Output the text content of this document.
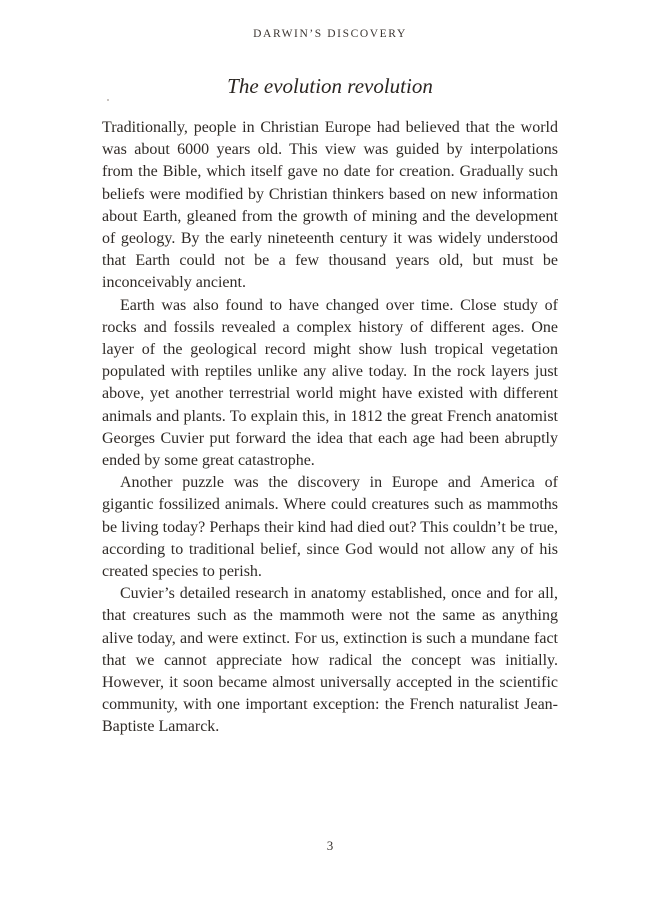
DARWIN’S DISCOVERY
The evolution revolution

Traditionally, people in Christian Europe had believed that the world was about 6000 years old. This view was guided by interpolations from the Bible, which itself gave no date for creation. Gradually such beliefs were modified by Christian thinkers based on new information about Earth, gleaned from the growth of mining and the development of geology. By the early nineteenth century it was widely understood that Earth could not be a few thousand years old, but must be inconceivably ancient.

Earth was also found to have changed over time. Close study of rocks and fossils revealed a complex history of different ages. One layer of the geological record might show lush tropical vegetation populated with reptiles unlike any alive today. In the rock layers just above, yet another terrestrial world might have existed with different animals and plants. To explain this, in 1812 the great French anatomist Georges Cuvier put forward the idea that each age had been abruptly ended by some great catastrophe.

Another puzzle was the discovery in Europe and America of gigantic fossilized animals. Where could creatures such as mammoths be living today? Perhaps their kind had died out? This couldn’t be true, according to traditional belief, since God would not allow any of his created species to perish.

Cuvier’s detailed research in anatomy established, once and for all, that creatures such as the mammoth were not the same as anything alive today, and were extinct. For us, extinction is such a mundane fact that we cannot appreciate how radical the concept was initially. However, it soon became almost universally accepted in the scientific community, with one important exception: the French naturalist Jean-Baptiste Lamarck.

3
